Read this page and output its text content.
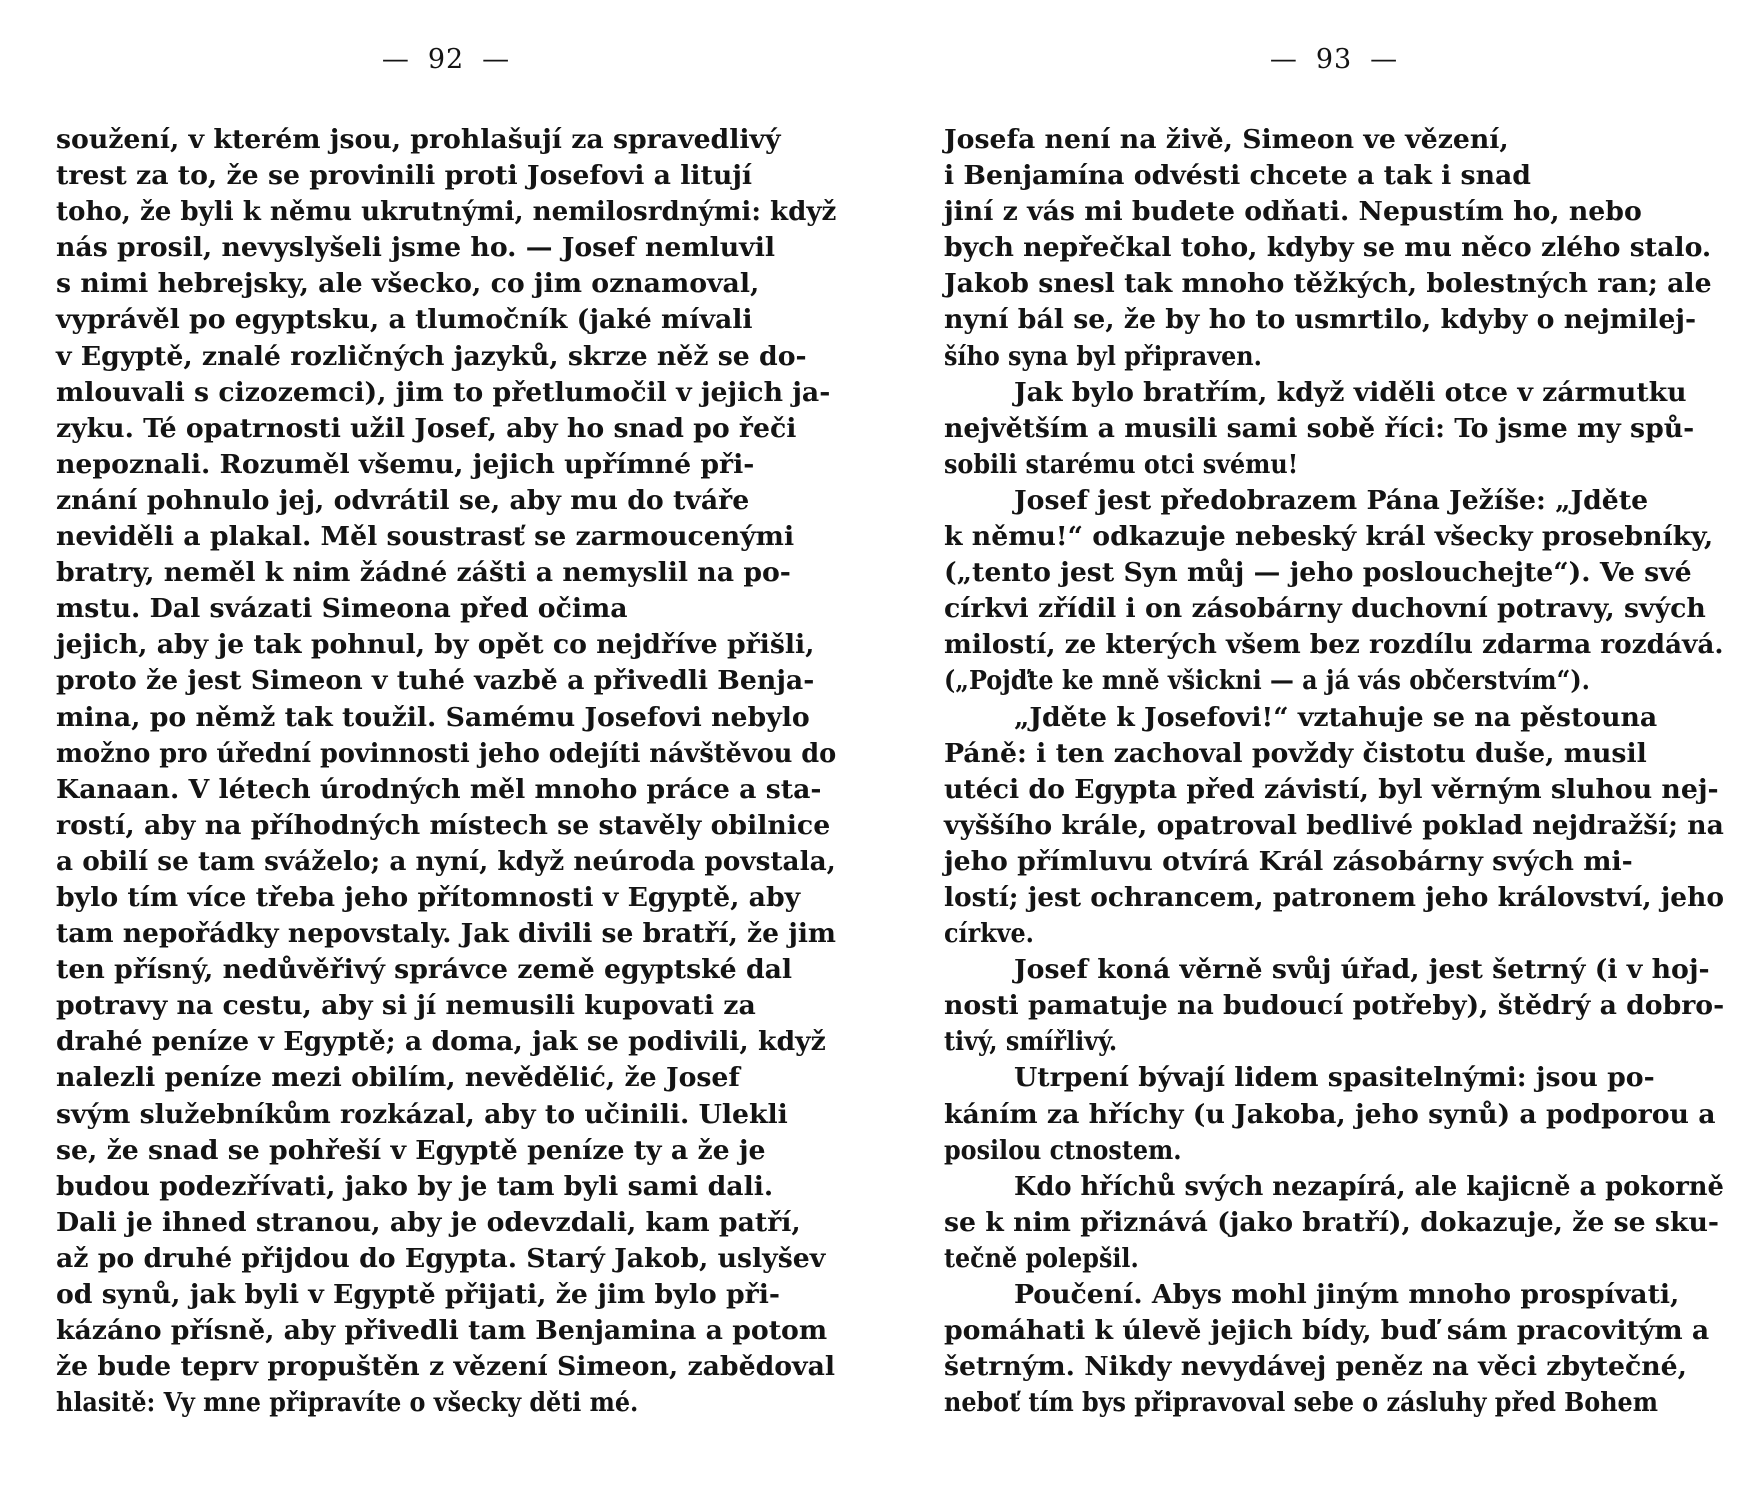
— 92 —
soužení, v kterém jsou, prohlašují za spravedlivý
trest za to, že se provinili proti Josefovi a litují
toho, že byli k němu ukrutnými, nemilosrdnými: když
nás prosil, nevyslyšeli jsme ho. — Josef nemluvil
s nimi hebrejsky, ale všecko, co jim oznamoval,
vyprávěl po egyptsku, a tlumočník (jaké mívali
v Egyptě, znalé rozličných jazyků, skrze něž se do-
mlouvali s cizozemci), jim to přetlumočil v jejich ja-
zyku. Té opatrnosti užil Josef, aby ho snad po řeči
nepoznali. Rozuměl všemu, jejich upřímné při-
znání pohnulo jej, odvrátil se, aby mu do tváře
neviděli a plakal. Měl soustrasť se zarmoucenými
bratry, neměl k nim žádné zášti a nemyslil na po-
mstu. Dal svázati Simeona před očima
jejich, aby je tak pohnul, by opět co nejdříve přišli,
proto že jest Simeon v tuhé vazbě a přivedli Benja-
mina, po němž tak toužil. Samému Josefovi nebylo
možno pro úřední povinnosti jeho odejíti návštěvou do
Kanaan. V létech úrodných měl mnoho práce a sta-
rostí, aby na příhodných místech se stavěly obilnice
a obilí se tam sváželo; a nyní, když neúroda povstala,
bylo tím více třeba jeho přítomnosti v Egyptě, aby
tam nepořádky nepovstaly. Jak divili se bratří, že jim
ten přísný, nedůvěřivý správce země egyptské dal
potravy na cestu, aby si jí nemusili kupovati za
drahé peníze v Egyptě; a doma, jak se podivili, když
nalezli peníze mezi obilím, nevědělić, že Josef
svým služebníkům rozkázal, aby to učinili. Ulekli
se, že snad se pohřeší v Egyptě peníze ty a že je
budou podezřívati, jako by je tam byli sami dali.
Dali je ihned stranou, aby je odevzdali, kam patří,
až po druhé přijdou do Egypta. Starý Jakob, uslyšev
od synů, jak byli v Egyptě přijati, že jim bylo při-
kázáno přísně, aby přivedli tam Benjamina a potom
že bude teprv propuštěn z vězení Simeon, zabědoval
hlasitě: Vy mne připravíte o všecky děti mé.
— 93 —
Josefa není na živě, Simeon ve vězení,
i Benjamína odvésti chcete a tak i snad
jiní z vás mi budete odňati. Nepustím ho, nebo
bych nepřečkal toho, kdyby se mu něco zlého stalo.
Jakob snesl tak mnoho těžkých, bolestných ran; ale
nyní bál se, že by ho to usmrtilo, kdyby o nejmilej-
šího syna byl připraven.
Jak bylo bratřím, když viděli otce v zármutku
největším a musili sami sobě říci: To jsme my spů-
sobili starému otci svému!
Josef jest předobrazem Pána Ježíše: „Jděte
k němu!“ odkazuje nebeský král všecky prosebníky,
(„tento jest Syn můj — jeho poslouchejte“). Ve své
církvi zřídil i on zásobárny duchovní potravy, svých
milostí, ze kterých všem bez rozdílu zdarma rozdává.
(„Pojďte ke mně všickni — a já vás občerstvím“).
„Jděte k Josefovi!“ vztahuje se na pěstouna
Páně: i ten zachoval povždy čistotu duše, musil
utéci do Egypta před závistí, byl věrným sluhou nej-
vyššího krále, opatroval bedlivé poklad nejdražší; na
jeho přímluvu otvírá Král zásobárny svých mi-
lostí; jest ochrancem, patronem jeho království, jeho
církve.
Josef koná věrně svůj úřad, jest šetrný (i v hoj-
nosti pamatuje na budoucí potřeby), štědrý a dobro-
tivý, smířlivý.
Utrpení bývají lidem spasitelnými: jsou po-
káním za hříchy (u Jakoba, jeho synů) a podporou a
posilou ctnostem.
Kdo hříchů svých nezapírá, ale kajicně a pokorně
se k nim přiznává (jako bratří), dokazuje, že se sku-
tečně polepšil.
Poučení. Abys mohl jiným mnoho prospívati,
pomáhati k úlevě jejich bídy, buď sám pracovitým a
šetrným. Nikdy nevydávej peněz na věci zbytečné,
neboť tím bys připravoval sebe o zásluhy před Bohem
